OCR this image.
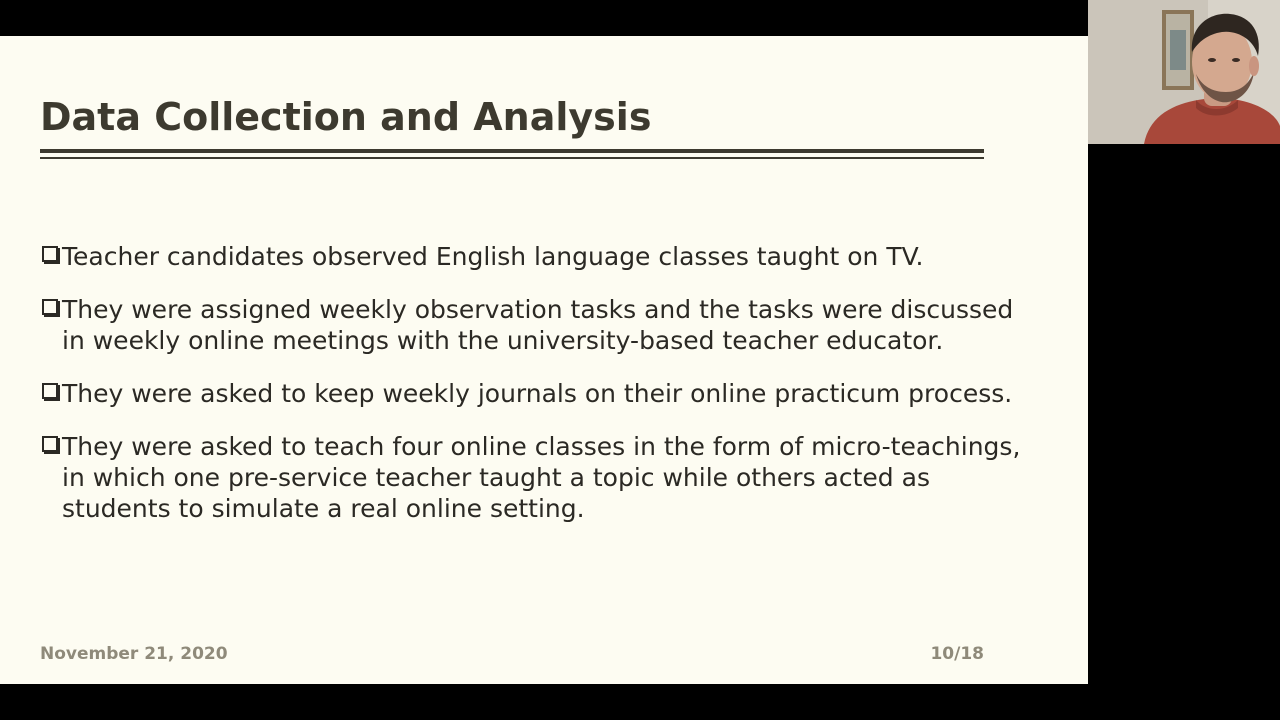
Data Collection and Analysis
Teacher candidates observed English language classes taught on TV.
They were assigned weekly observation tasks and the tasks were discussed in weekly online meetings with the university-based teacher educator.
They were asked to keep weekly journals on their online practicum process.
They were asked to teach four online classes in the form of micro-teachings, in which one pre-service teacher taught a topic while others acted as students to simulate a real online setting.
November 21, 2020	10/18
